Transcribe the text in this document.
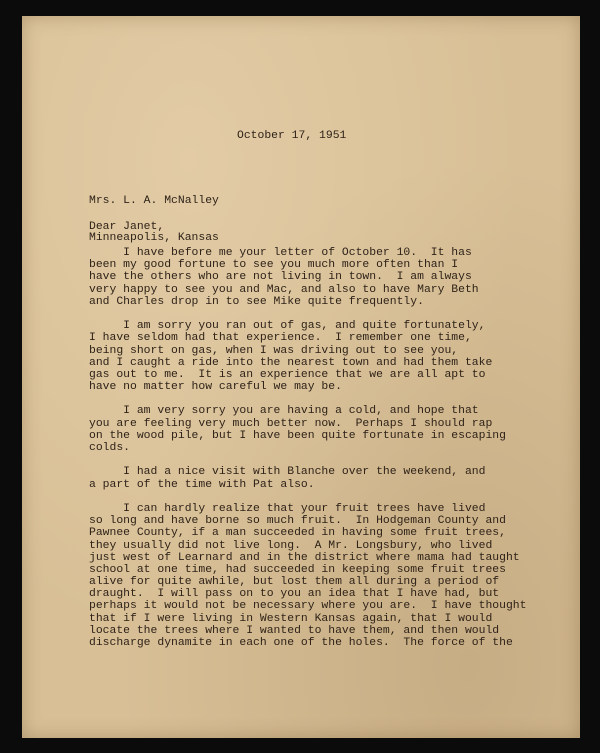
October 17, 1951

Mrs. L. A. McNalley

Minneapolis, Kansas

Dear Janet,
I have before me your letter of October 10.  It has
been my good fortune to see you much more often than I
have the others who are not living in town.  I am always
very happy to see you and Mac, and also to have Mary Beth
and Charles drop in to see Mike quite frequently.
I am sorry you ran out of gas, and quite fortunately,
I have seldom had that experience.  I remember one time,
being short on gas, when I was driving out to see you,
and I caught a ride into the nearest town and had them take
gas out to me.  It is an experience that we are all apt to
have no matter how careful we may be.
I am very sorry you are having a cold, and hope that
you are feeling very much better now.  Perhaps I should rap
on the wood pile, but I have been quite fortunate in escaping
colds.
I had a nice visit with Blanche over the weekend, and
a part of the time with Pat also.
I can hardly realize that your fruit trees have lived
so long and have borne so much fruit.  In Hodgeman County and
Pawnee County, if a man succeeded in having some fruit trees,
they usually did not live long.  A Mr. Longsbury, who lived
just west of Learnard and in the district where mama had taught
school at one time, had succeeded in keeping some fruit trees
alive for quite awhile, but lost them all during a period of
draught.  I will pass on to you an idea that I have had, but
perhaps it would not be necessary where you are.  I have thought
that if I were living in Western Kansas again, that I would
locate the trees where I wanted to have them, and then would
discharge dynamite in each one of the holes.  The force of the
